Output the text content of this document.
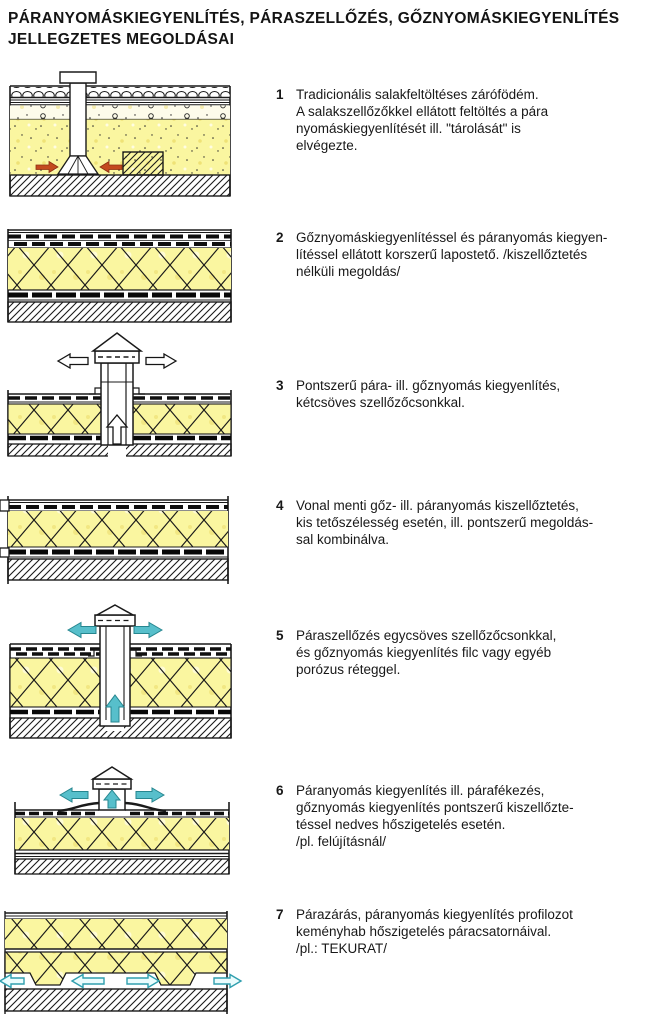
PÁRANYOMÁSKIEGYENLÍTÉS, PÁRASZELLŐZÉS, GŐZNYOMÁSKIEGYENLÍTÉS
JELLEGZETES MEGOLDÁSAI
1 Tradicionális salakfeltöltéses zárófödém.
A salakszellőzőkkel ellátott feltöltés a pára
nyomáskiegyenlítését ill. "tárolását" is
elvégezte.
2 Gőznyomáskiegyenlítéssel és páranyomás kiegyen-
lítéssel ellátott korszerű lapostető. /kiszellőztetés
nélküli megoldás/
3 Pontszerű pára- ill. gőznyomás kiegyenlítés,
kétcsöves szellőzőcsonkkal.
4 Vonal menti gőz- ill. páranyomás kiszellőztetés,
kis tetőszélesség esetén, ill. pontszerű megoldás-
sal kombinálva.
5 Páraszellőzés egycsöves szellőzőcsonkkal,
és gőznyomás kiegyenlítés filc vagy egyéb
porózus réteggel.
6 Páranyomás kiegyenlítés ill. párafékezés,
gőznyomás kiegyenlítés pontszerű kiszellőzte-
téssel nedves hőszigetelés esetén.
/pl. felújításnál/
7 Párazárás, páranyomás kiegyenlítés profilozot
keményhab hőszigetelés páracsatornáival.
/pl.: TEKURAT/
